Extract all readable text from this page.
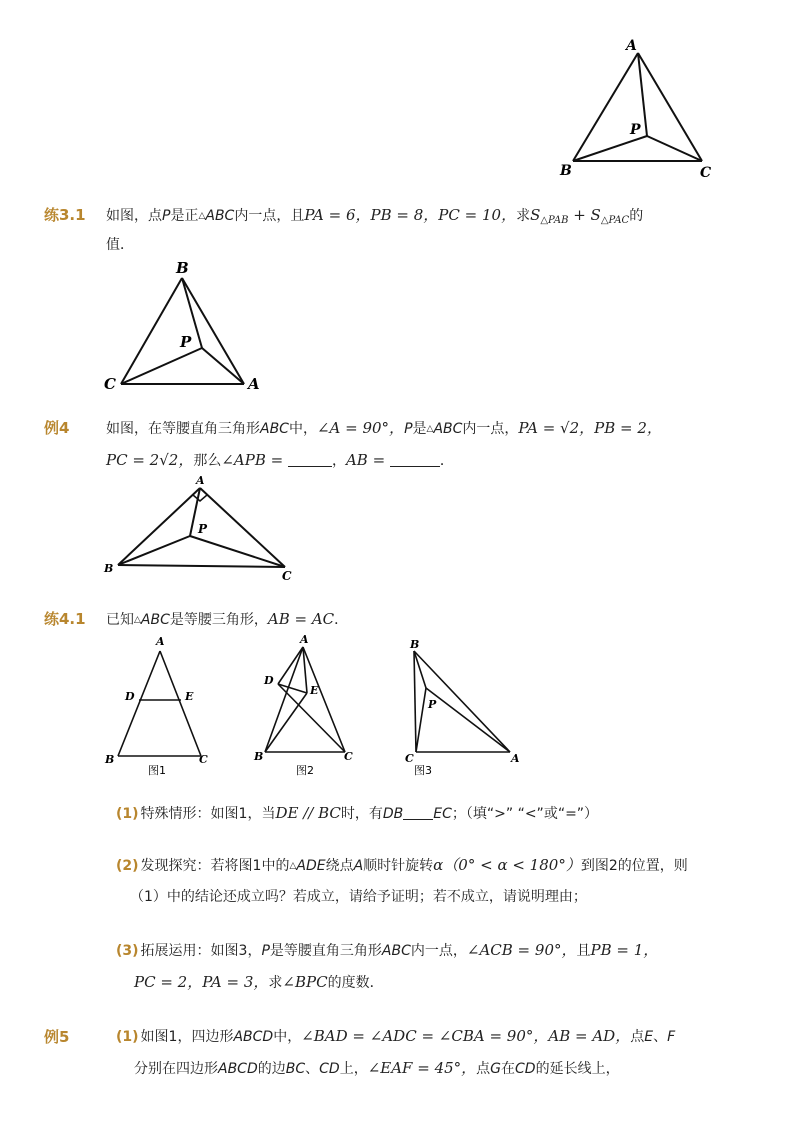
A
P
B	C
练3.1 如图，点P是正△ABC内一点，且PA = 6，PB = 8，PC = 10，求$S_{\triangle PAB} + S_{\triangle PAC}$的
值．
B
P
C	A
例4	如图，在等腰直角三角形ABC中，∠A = 90°，P是△ABC内一点，PA = √2，PB = 2，
PC = 2√2，那么∠APB =	，AB =	．
A
P
B
C
练4.1 已知△ABC是等腰三角形，AB = AC．
A
D	E
B	C
图1
A
D
E
B	C
图2
B
P
C	A
图3
(1) 特殊情形：如图1，当DE // BC时，有DB EC；（填“>” “<”或“=”）
(2) 发现探究：若将图1中的△ADE绕点A顺时针旋转α（0° < α < 180°）到图2的位置，则
（1）中的结论还成立吗？若成立，请给予证明；若不成立，请说明理由；
(3) 拓展运用：如图3，P是等腰直角三角形ABC内一点，∠ACB = 90°，且PB = 1，
PC = 2，PA = 3，求∠BPC的度数．
例5	(1) 如图1，四边形ABCD中，∠BAD = ∠ADC = ∠CBA = 90°，AB = AD，点E、F
分别在四边形ABCD的边BC、CD上，∠EAF = 45°，点G在CD的延长线上，
